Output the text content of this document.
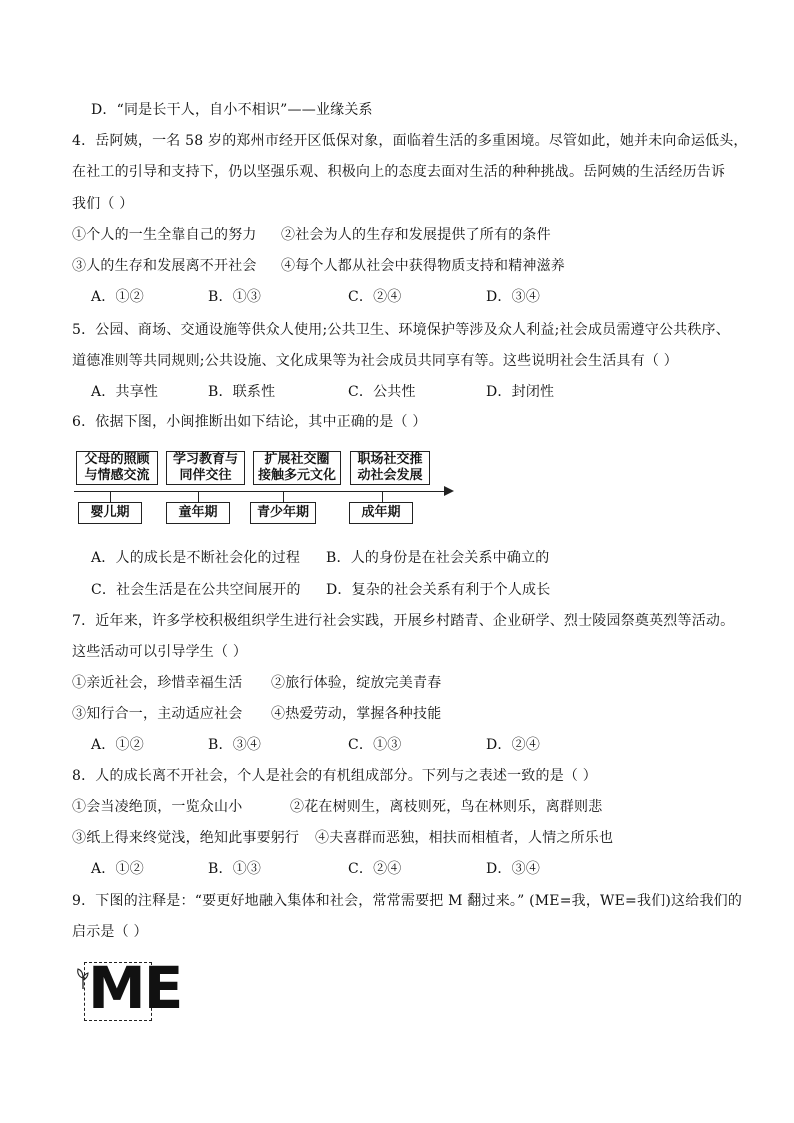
D．“同是长干人，自小不相识”——业缘关系
4．岳阿姨，一名 58 岁的郑州市经开区低保对象，面临着生活的多重困境。尽管如此，她并未向命运低头，
在社工的引导和支持下，仍以坚强乐观、积极向上的态度去面对生活的种种挑战。岳阿姨的生活经历告诉
我们（ ）
①个人的一生全靠自己的努力 ②社会为人的生存和发展提供了所有的条件
③人的生存和发展离不开社会 ④每个人都从社会中获得物质支持和精神滋养
A．①②	B．①③	C．②④	D．③④
5．公园、商场、交通设施等供众人使用;公共卫生、环境保护等涉及众人利益;社会成员需遵守公共秩序、
道德准则等共同规则;公共设施、文化成果等为社会成员共同享有等。这些说明社会生活具有（ ）
A．共享性	B．联系性	C．公共性	D．封闭性
6．依据下图，小闽推断出如下结论，其中正确的是（ ）
父母的照顾
与情感交流
学习教育与
同伴交往
扩展社交圈
接触多元文化
职场社交推
动社会发展
婴儿期	童年期	青少年期	成年期
A．人的成长是不断社会化的过程 B．人的身份是在社会关系中确立的
C．社会生活是在公共空间展开的 D．复杂的社会关系有利于个人成长
7．近年来，许多学校积极组织学生进行社会实践，开展乡村踏青、企业研学、烈士陵园祭奠英烈等活动。
这些活动可以引导学生（ ）
①亲近社会，珍惜幸福生活 ②旅行体验，绽放完美青春
③知行合一，主动适应社会 ④热爱劳动，掌握各种技能
A．①②	B．③④	C．①③	D．②④
8．人的成长离不开社会，个人是社会的有机组成部分。下列与之表述一致的是（ ）
①会当凌绝顶，一览众山小	②花在树则生，离枝则死，鸟在林则乐，离群则悲
③纸上得来终觉浅，绝知此事要躬行 ④夫喜群而恶独，相扶而相植者，人情之所乐也
A．①②	B．①③	C．②④	D．③④
9．下图的注释是：“要更好地融入集体和社会，常常需要把 M 翻过来。” (ME=我，WE=我们)这给我们的
启示是（ ）
ME
